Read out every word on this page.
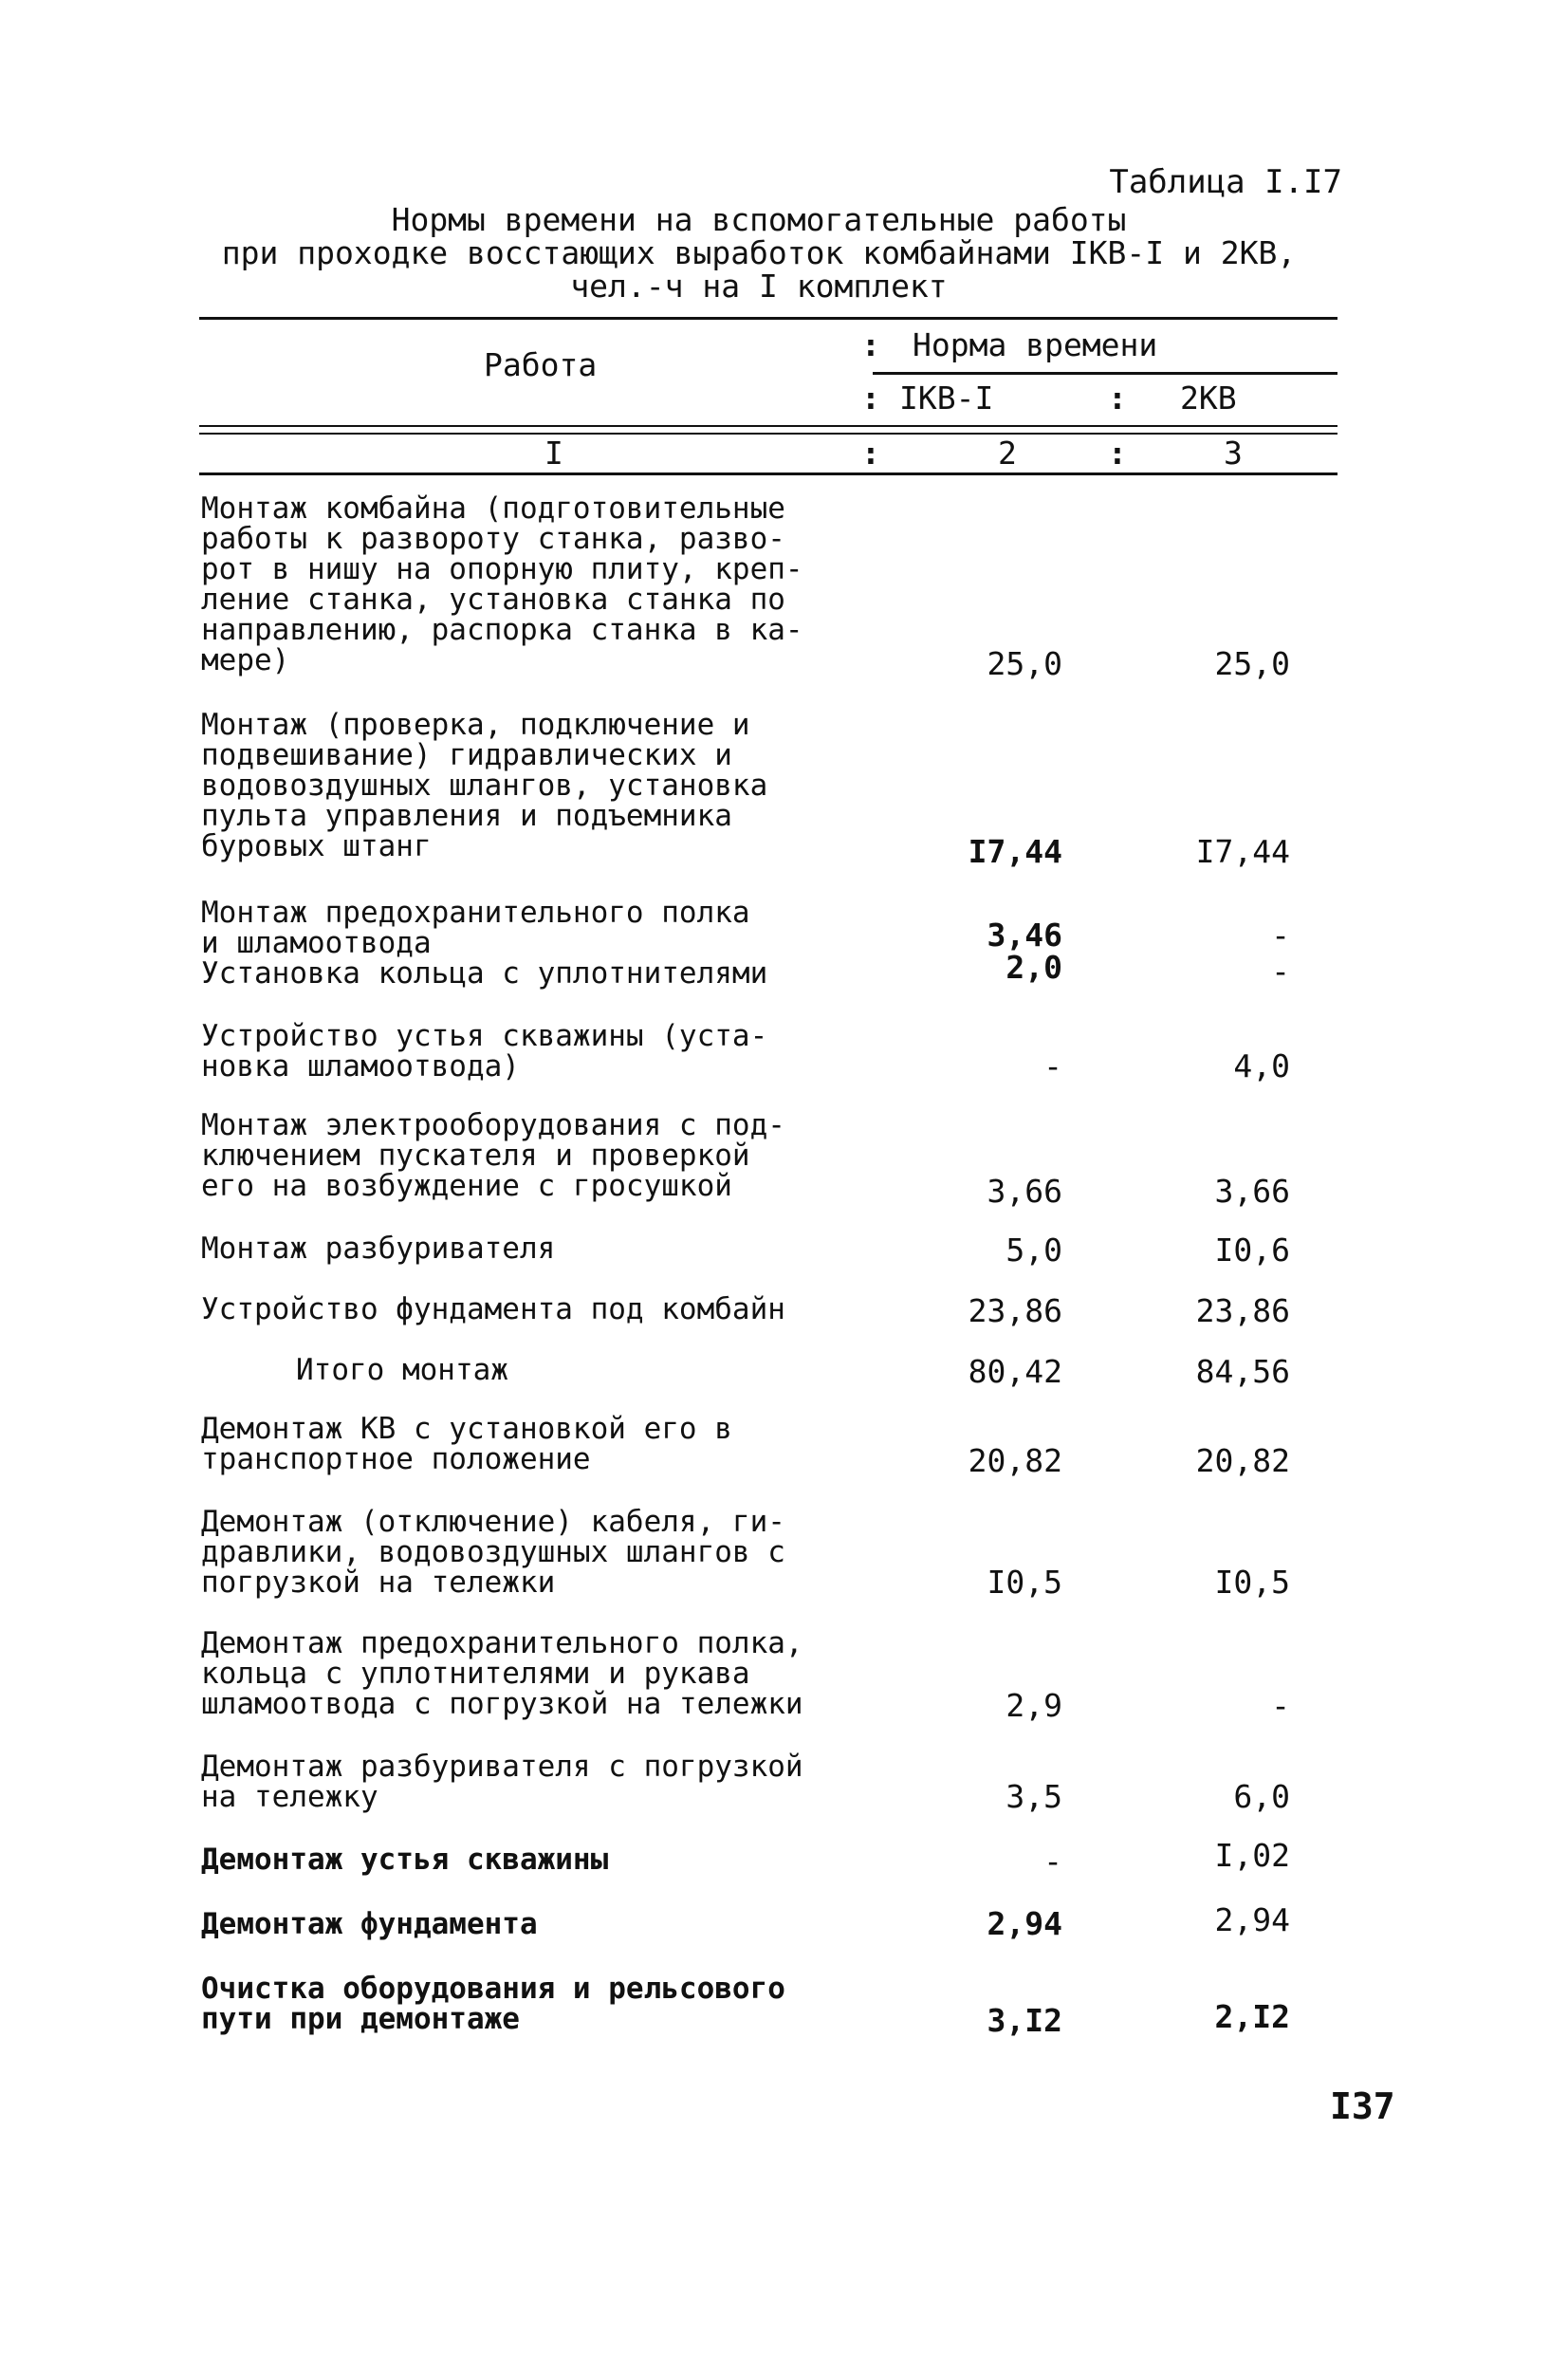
Таблица I.I7
Нормы времени на вспомогательные работы
при проходке восстающих выработок комбайнами IКВ-I и 2КВ,
чел.-ч на I комплект
Работа
: Норма времени
: IКВ-I	: 2КВ
I	:	2	:	3
Монтаж комбайна (подготовительные
работы к развороту станка, разво-
рот в нишу на опорную плиту, креп-
ление станка, установка станка по
направлению, распорка станка в ка-
мере)	25,0	25,0
Монтаж (проверка, подключение и
подвешивание) гидравлических и
водовоздушных шлангов, установка
пульта управления и подъемника
буровых штанг	I7,44	I7,44
Монтаж предохранительного полка
и шламоотвода	3,46	-
Установка кольца с уплотнителями	2,0	-
Устройство устья скважины (уста-
новка шламоотвода)	-	4,0
Монтаж электрооборудования с под-
ключением пускателя и проверкой
его на возбуждение с гросушкой	3,66	3,66
Монтаж разбуривателя	5,0	I0,6
Устройство фундамента под комбайн	23,86	23,86
Итого монтаж	80,42	84,56
Демонтаж КВ с установкой его в
транспортное положение	20,82	20,82
Демонтаж (отключение) кабеля, ги-
дравлики, водовоздушных шлангов с
погрузкой на тележки	I0,5	I0,5
Демонтаж предохранительного полка,
кольца с уплотнителями и рукава
шламоотвода с погрузкой на тележки	2,9	-
Демонтаж разбуривателя с погрузкой
на тележку	3,5	6,0
Демонтаж устья скважины	-	I,02
Демонтаж фундамента	2,94	2,94
Очистка оборудования и рельсового
пути при демонтаже	3,I2	2,I2
I37
